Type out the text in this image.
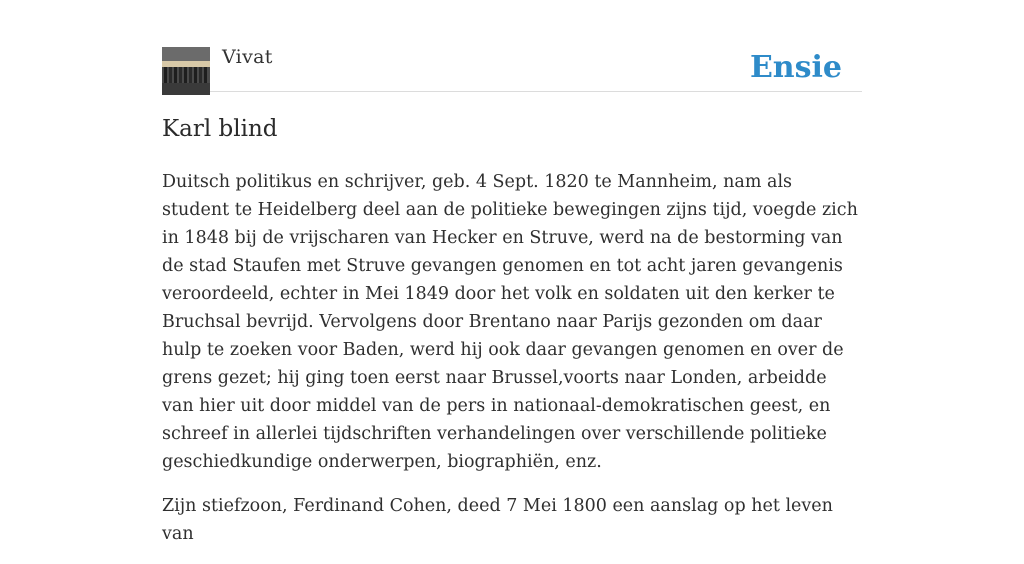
Vivat	Ensie
Karl blind

Duitsch politikus en schrijver, geb. 4 Sept. 1820 te Mannheim, nam als student te Heidelberg deel aan de politieke bewegingen zijns tijd, voegde zich in 1848 bij de vrijscharen van Hecker en Struve, werd na de bestorming van de stad Staufen met Struve gevangen genomen en tot acht jaren gevangenis veroordeeld, echter in Mei 1849 door het volk en soldaten uit den kerker te Bruchsal bevrijd. Vervolgens door Brentano naar Parijs gezonden om daar hulp te zoeken voor Baden, werd hij ook daar gevangen genomen en over de grens gezet; hij ging toen eerst naar Brussel,voorts naar Londen, arbeidde van hier uit door middel van de pers in nationaal-demokratischen geest, en schreef in allerlei tijdschriften verhandelingen over verschillende politieke geschiedkundige onderwerpen, biographiën, enz.

Zijn stiefzoon, Ferdinand Cohen, deed 7 Mei 1800 een aanslag op het leven van
